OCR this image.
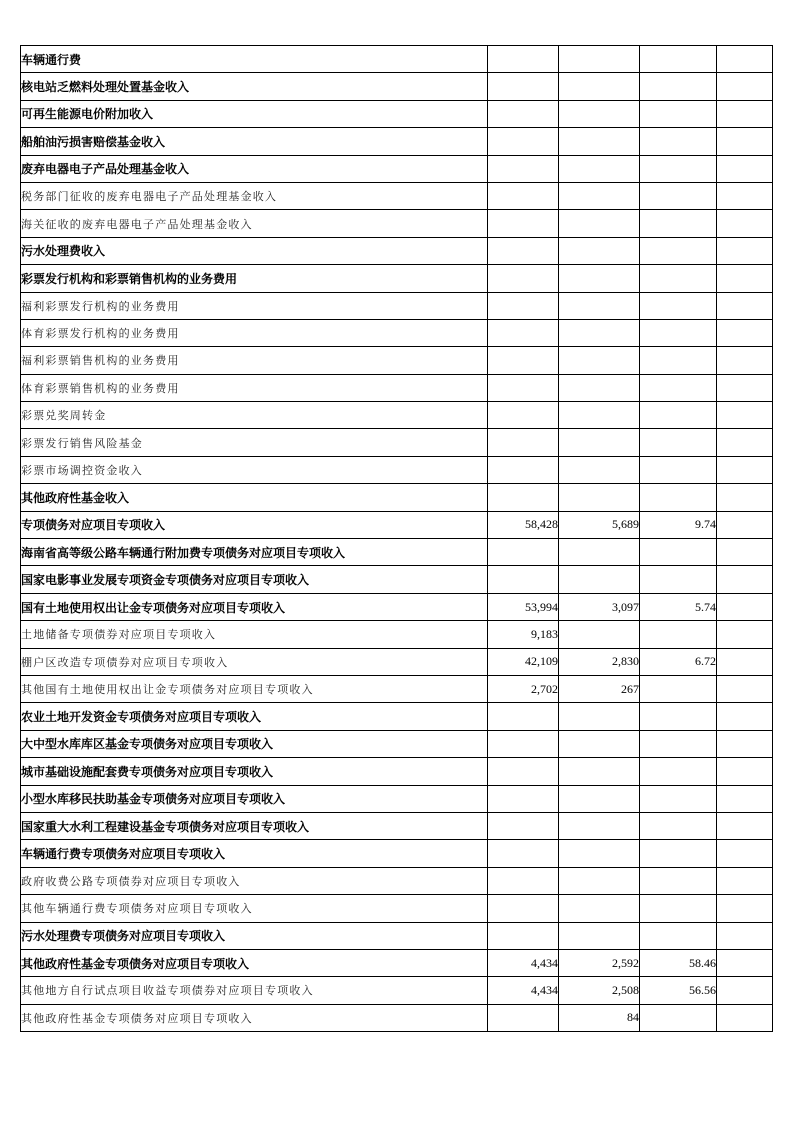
车辆通行费				
核电站乏燃料处理处置基金收入				
可再生能源电价附加收入				
船舶油污损害赔偿基金收入				
废弃电器电子产品处理基金收入				
税务部门征收的废弃电器电子产品处理基金收入				
海关征收的废弃电器电子产品处理基金收入				
污水处理费收入				
彩票发行机构和彩票销售机构的业务费用				
福利彩票发行机构的业务费用				
体育彩票发行机构的业务费用				
福利彩票销售机构的业务费用				
体育彩票销售机构的业务费用				
彩票兑奖周转金				
彩票发行销售风险基金				
彩票市场调控资金收入				
其他政府性基金收入				
专项债务对应项目专项收入	58,428	5,689	9.74	
海南省高等级公路车辆通行附加费专项债务对应项目专项收入				
国家电影事业发展专项资金专项债务对应项目专项收入				
国有土地使用权出让金专项债务对应项目专项收入	53,994	3,097	5.74	
土地储备专项债券对应项目专项收入	9,183			
棚户区改造专项债券对应项目专项收入	42,109	2,830	6.72	
其他国有土地使用权出让金专项债务对应项目专项收入	2,702	267		
农业土地开发资金专项债务对应项目专项收入				
大中型水库库区基金专项债务对应项目专项收入				
城市基础设施配套费专项债务对应项目专项收入				
小型水库移民扶助基金专项债务对应项目专项收入				
国家重大水利工程建设基金专项债务对应项目专项收入				
车辆通行费专项债务对应项目专项收入				
政府收费公路专项债券对应项目专项收入				
其他车辆通行费专项债务对应项目专项收入				
污水处理费专项债务对应项目专项收入				
其他政府性基金专项债务对应项目专项收入	4,434	2,592	58.46	
其他地方自行试点项目收益专项债券对应项目专项收入	4,434	2,508	56.56	
其他政府性基金专项债务对应项目专项收入		84		
